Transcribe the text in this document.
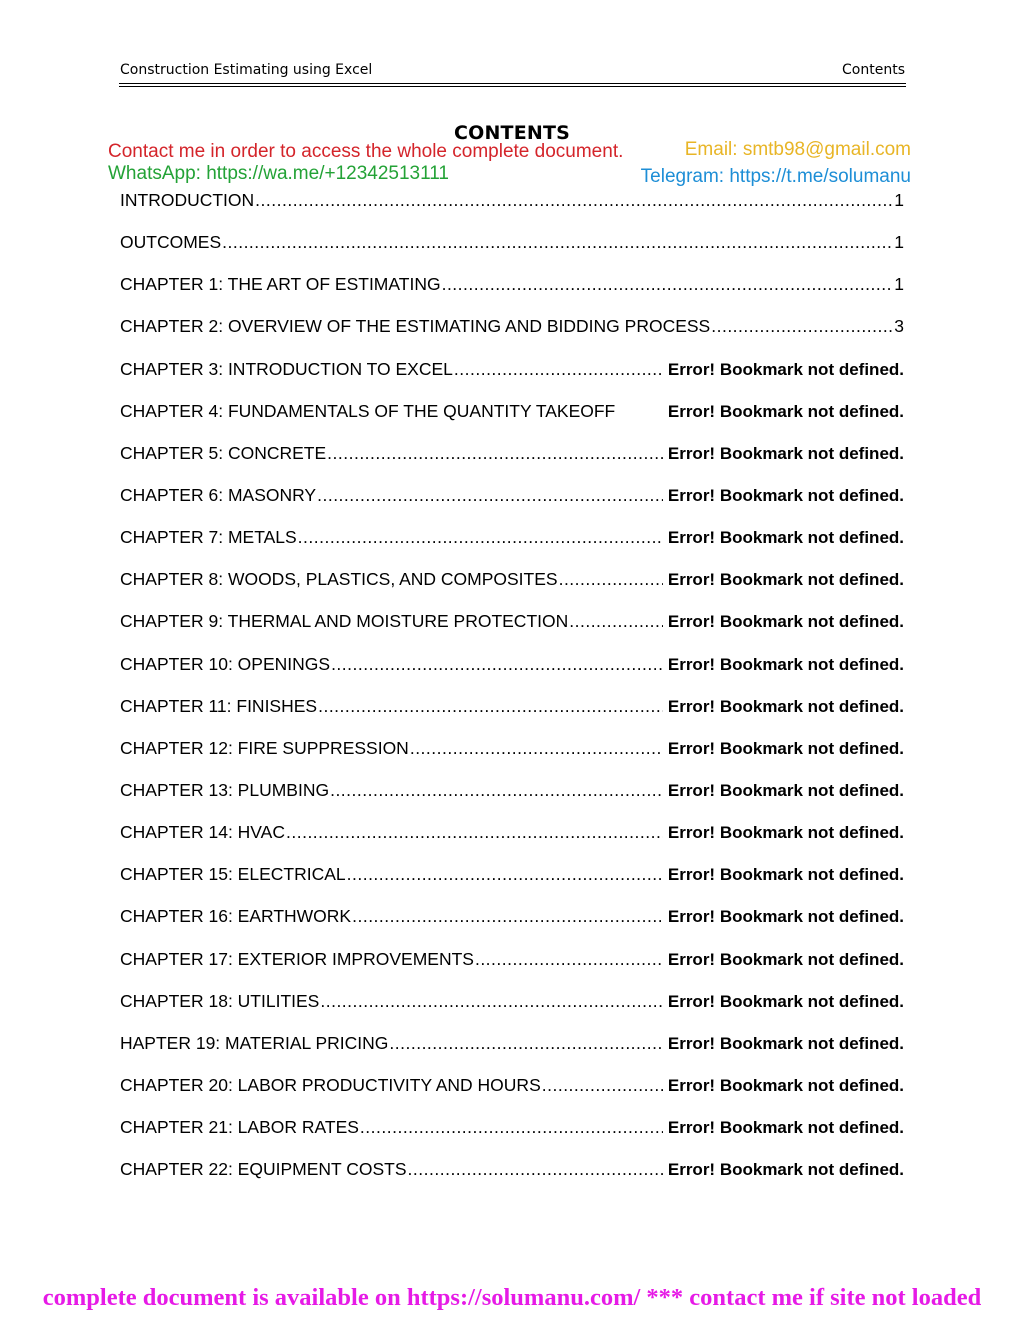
Construction Estimating using Excel	Contents
CONTENTS
Contact me in order to access the whole complete document.	Email: smtb98@gmail.com
WhatsApp: https://wa.me/+12342513111	Telegram: https://t.me/solumanu
INTRODUCTION .....	1
OUTCOMES .....	1
CHAPTER 1: THE ART OF ESTIMATING .....	1
CHAPTER 2: OVERVIEW OF THE ESTIMATING AND BIDDING PROCESS .....	3
CHAPTER 3: INTRODUCTION TO EXCEL .....	Error! Bookmark not defined.
CHAPTER 4: FUNDAMENTALS OF THE QUANTITY TAKEOFF	Error! Bookmark not defined.
CHAPTER 5: CONCRETE .....	Error! Bookmark not defined.
CHAPTER 6: MASONRY .....	Error! Bookmark not defined.
CHAPTER 7: METALS .....	Error! Bookmark not defined.
CHAPTER 8: WOODS, PLASTICS, AND COMPOSITES .....	Error! Bookmark not defined.
CHAPTER 9: THERMAL AND MOISTURE PROTECTION .....	Error! Bookmark not defined.
CHAPTER 10: OPENINGS .....	Error! Bookmark not defined.
CHAPTER 11: FINISHES .....	Error! Bookmark not defined.
CHAPTER 12: FIRE SUPPRESSION .....	Error! Bookmark not defined.
CHAPTER 13: PLUMBING .....	Error! Bookmark not defined.
CHAPTER 14: HVAC .....	Error! Bookmark not defined.
CHAPTER 15: ELECTRICAL .....	Error! Bookmark not defined.
CHAPTER 16: EARTHWORK .....	Error! Bookmark not defined.
CHAPTER 17: EXTERIOR IMPROVEMENTS .....	Error! Bookmark not defined.
CHAPTER 18: UTILITIES .....	Error! Bookmark not defined.
HAPTER 19: MATERIAL PRICING .....	Error! Bookmark not defined.
CHAPTER 20: LABOR PRODUCTIVITY AND HOURS .....	Error! Bookmark not defined.
CHAPTER 21: LABOR RATES .....	Error! Bookmark not defined.
CHAPTER 22: EQUIPMENT COSTS .....	Error! Bookmark not defined.
complete document is available on https://solumanu.com/ *** contact me if site not loaded
